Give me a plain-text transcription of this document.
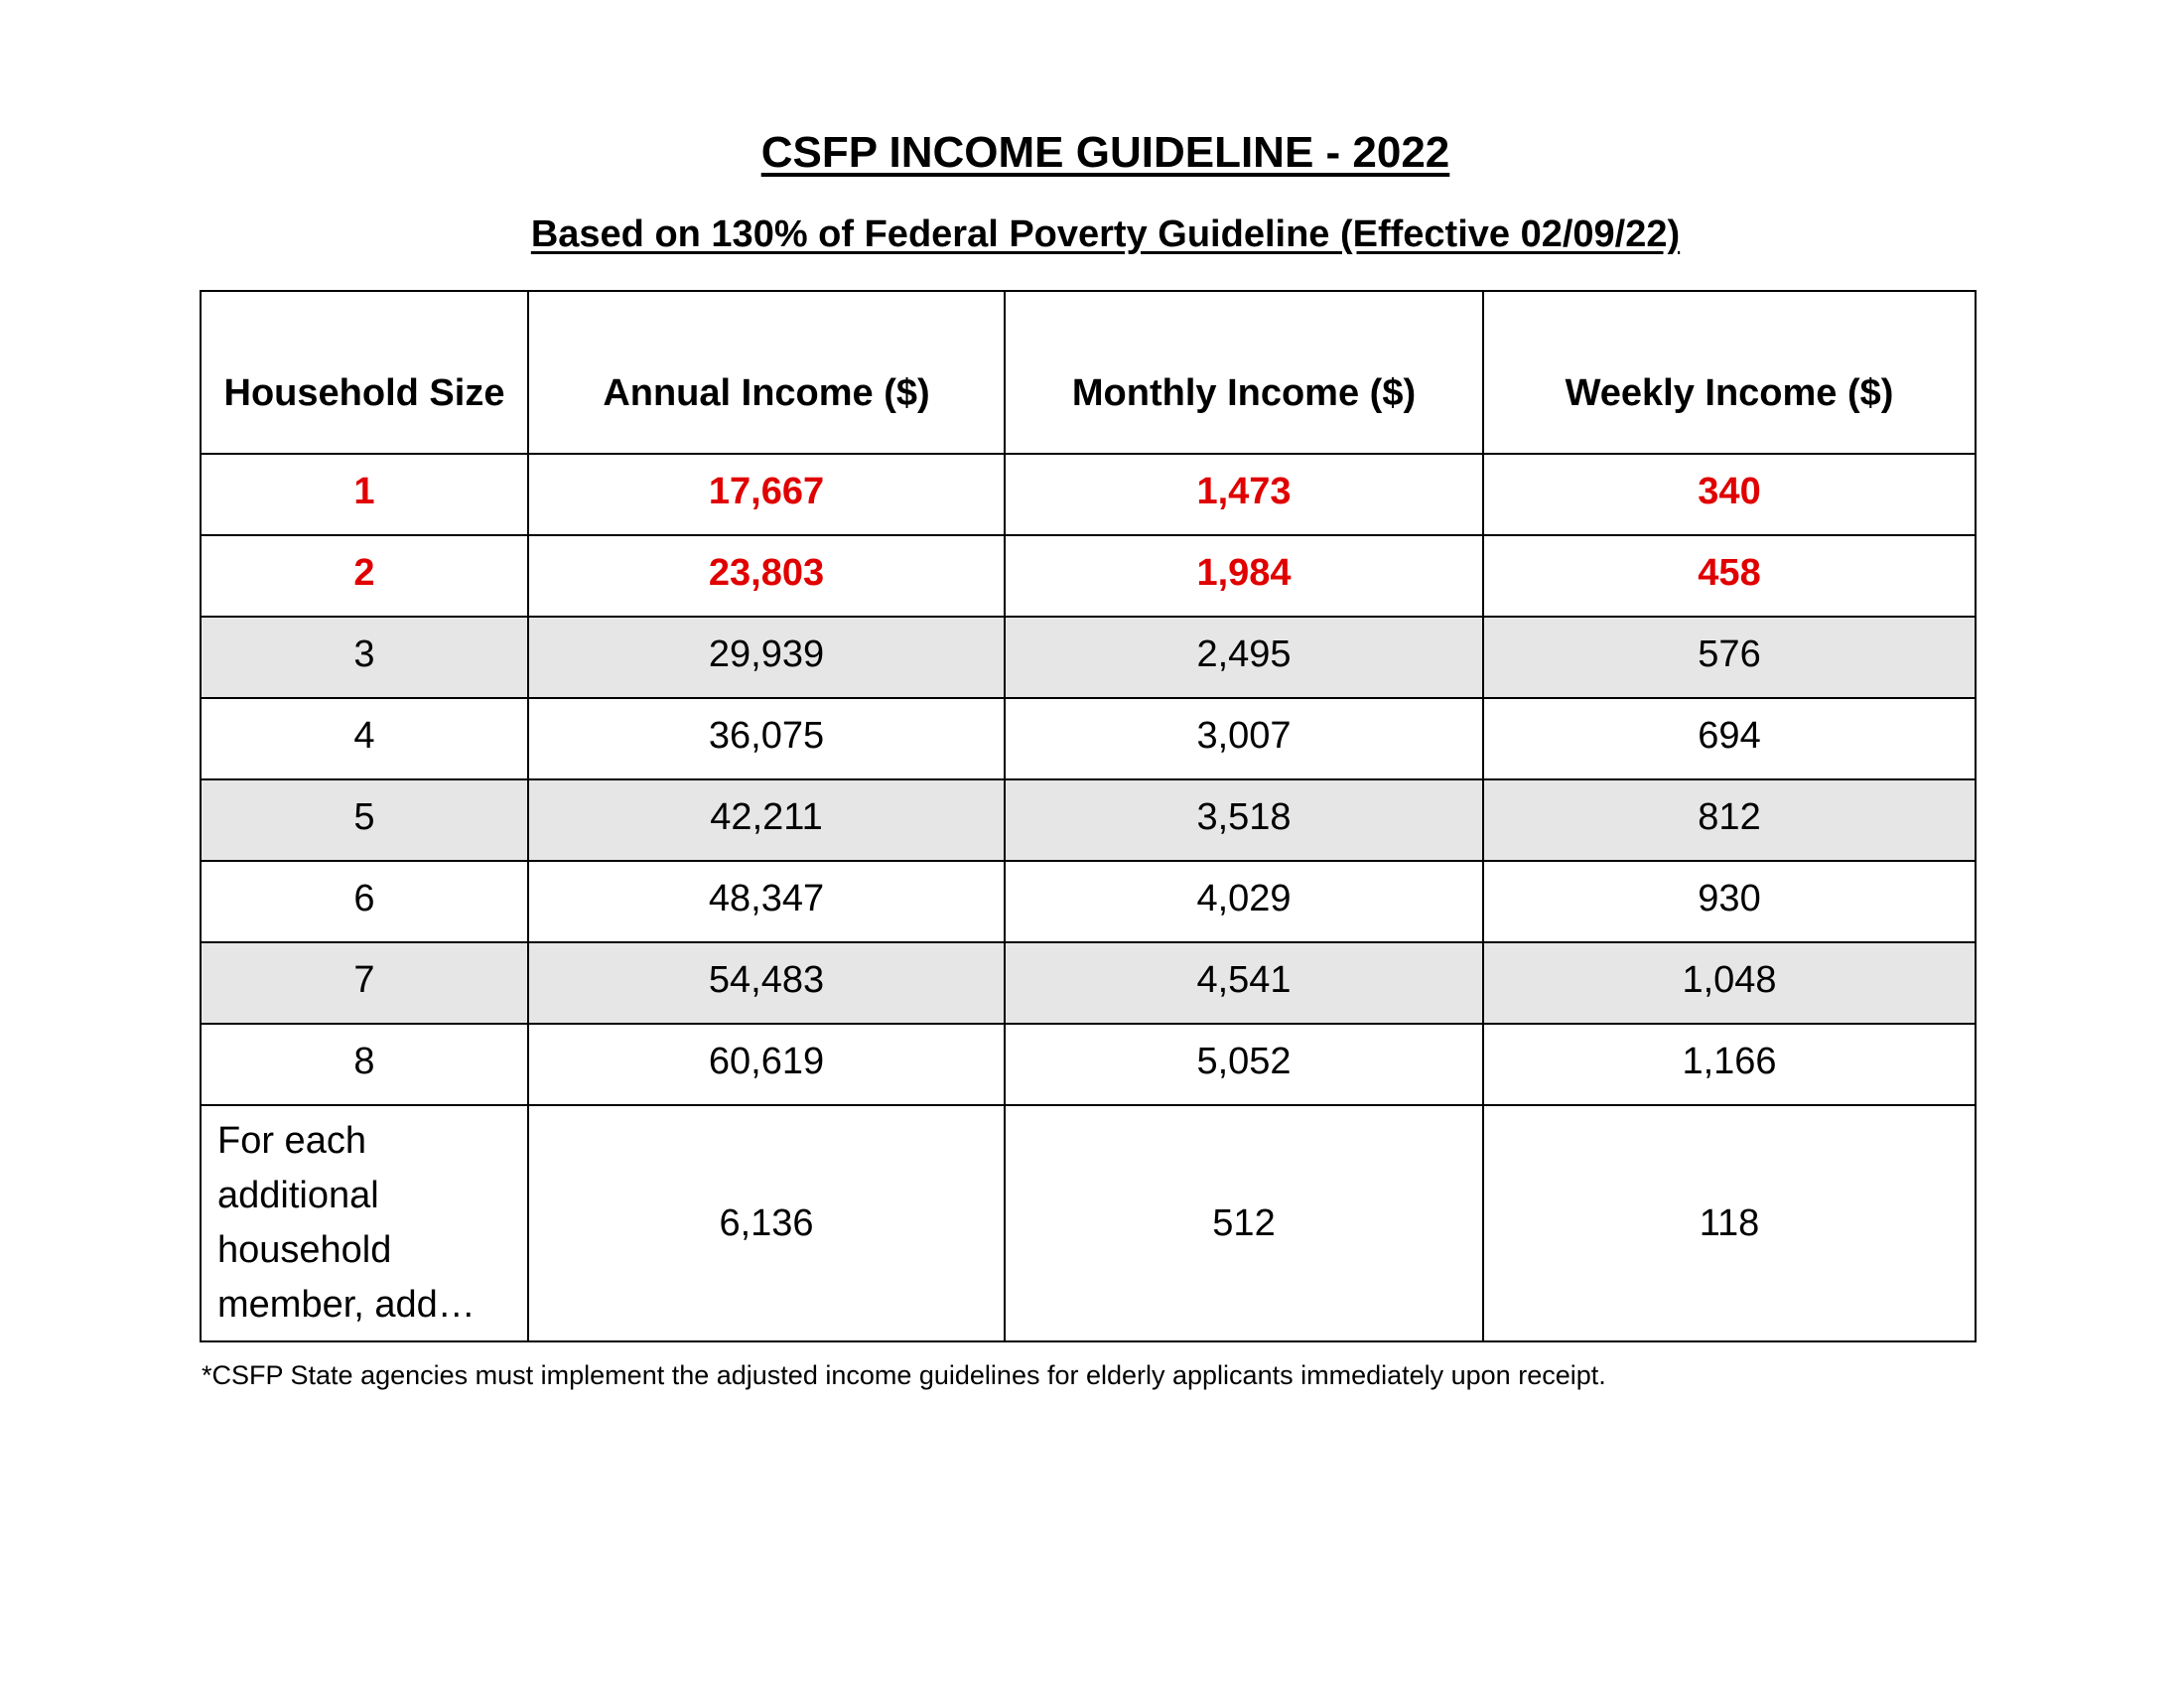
CSFP INCOME GUIDELINE - 2022
Based on 130% of Federal Poverty Guideline (Effective 02/09/22)
Household Size	Annual Income ($)	Monthly Income ($)	Weekly Income ($)
1	17,667	1,473	340
2	23,803	1,984	458
3	29,939	2,495	576
4	36,075	3,007	694
5	42,211	3,518	812
6	48,347	4,029	930
7	54,483	4,541	1,048
8	60,619	5,052	1,166
For each additional household member, add…	6,136	512	118
*CSFP State agencies must implement the adjusted income guidelines for elderly applicants immediately upon receipt.
